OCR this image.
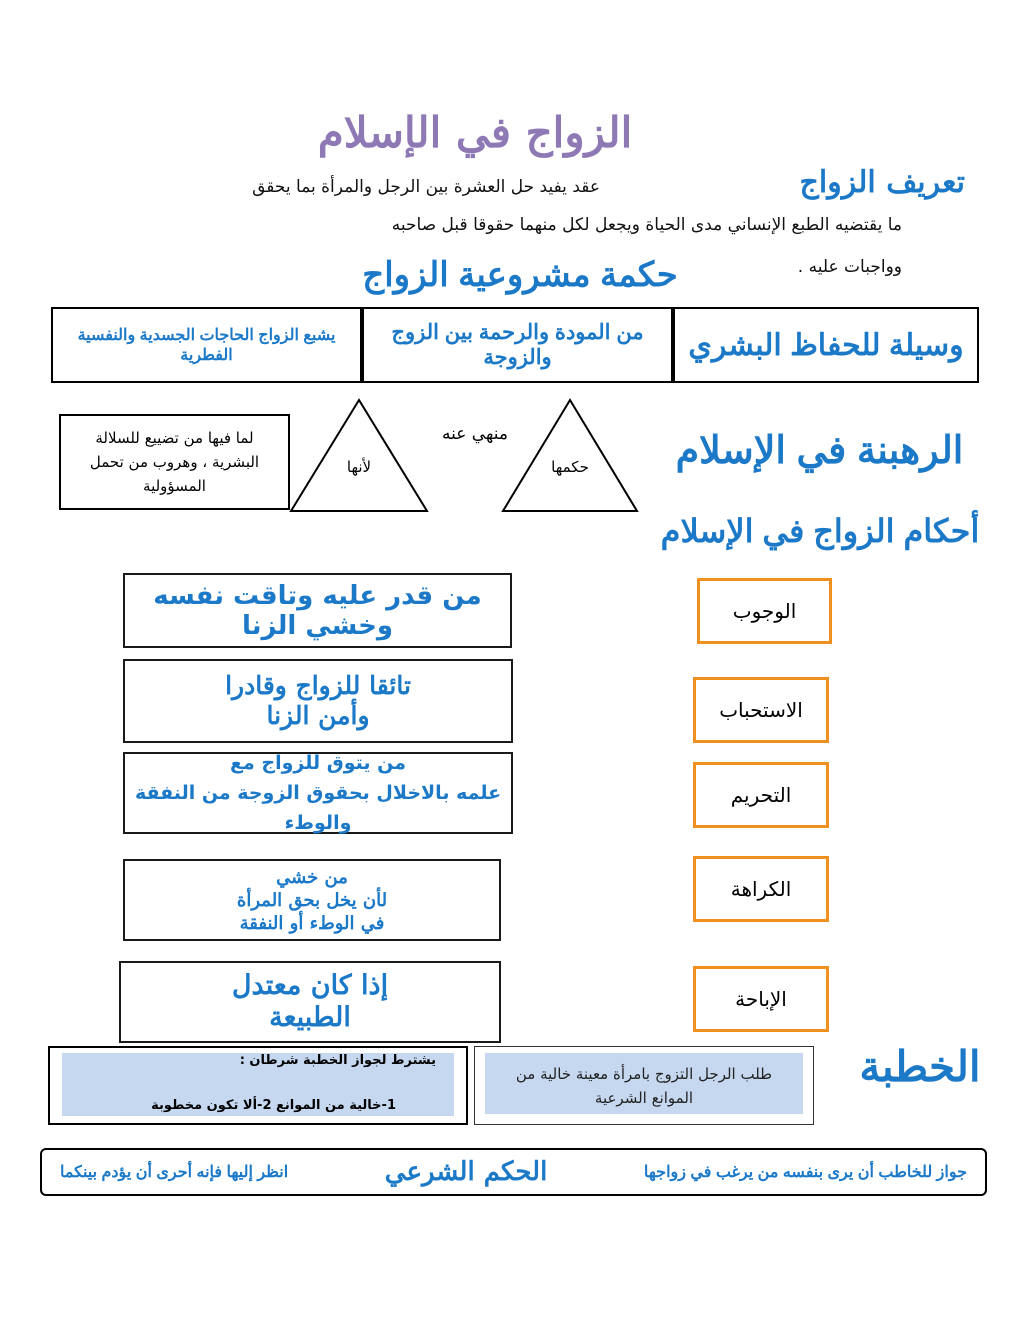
الزواج في الإسلام
تعريف الزواج
عقد يفيد حل العشرة بين الرجل والمرأة بما يحقق
ما يقتضيه الطبع الإنساني مدى الحياة ويجعل لكل منهما حقوقا قبل صاحبه
وواجبات عليه .
حكمة مشروعية الزواج
وسيلة للحفاظ البشري
من المودة والرحمة بين الزوج والزوجة
يشبع الزواج الحاجات الجسدية والنفسية الفطرية
الرهبنة في الإسلام
حكمها
منهي عنه
لأنها
لما فيها من تضييع للسلالة البشرية ، وهروب من تحمل المسؤولية
أحكام الزواج في الإسلام
الوجوب
من قدر عليه وتاقت نفسه وخشي الزنا
الاستحباب
تائقا للزواج وقادرا
وأمن الزنا
التحريم
من يتوق للزواج مع
علمه بالاخلال بحقوق الزوجة من النفقة والوطء
الكراهة
من خشي
لأن يخل بحق المرأة
في الوطء أو النفقة
الإباحة
إذا كان معتدل
الطبيعة
الخطبة
طلب الرجل التزوج بامرأة معينة خالية من الموانع الشرعية
يشترط لجواز الخطبة شرطان :
1-خالية من الموانع 2-ألا تكون مخطوبة
جواز للخاطب أن يرى بنفسه من يرغب في زواجها
الحكم الشرعي
انظر إليها فإنه أحرى أن يؤدم بينكما
